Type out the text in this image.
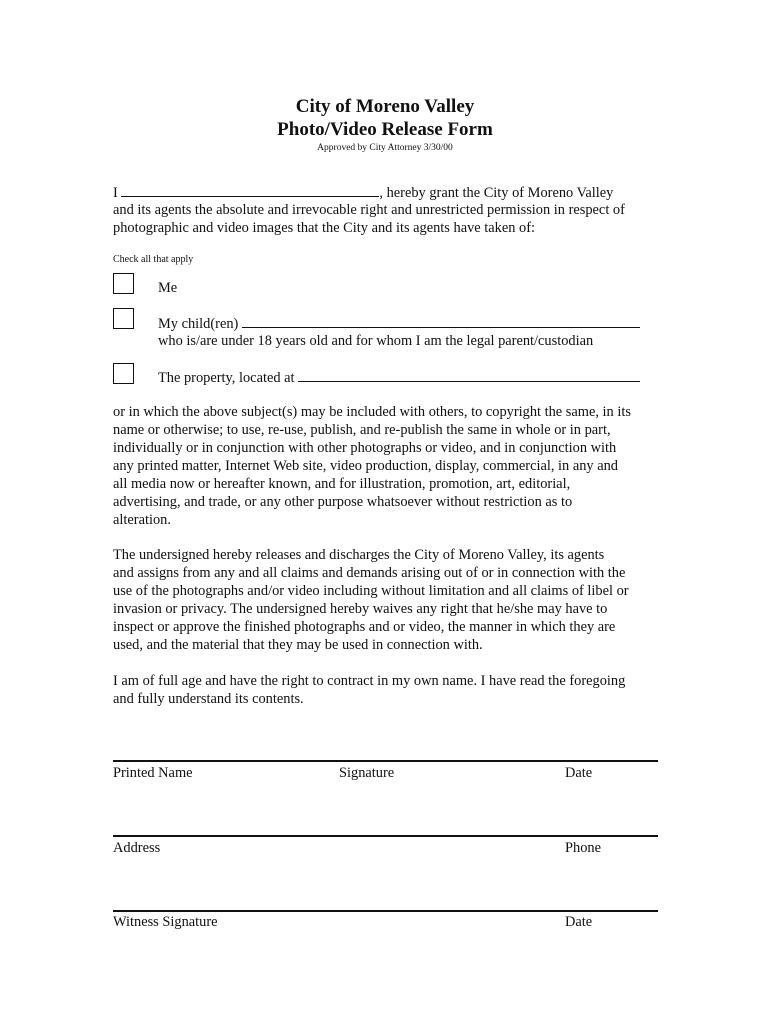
City of Moreno Valley
Photo/Video Release Form
Approved by City Attorney 3/30/00
I	, hereby grant the City of Moreno Valley
and its agents the absolute and irrevocable right and unrestricted permission in respect of
photographic and video images that the City and its agents have taken of:
Check all that apply
Me
My child(ren)
who is/are under 18 years old and for whom I am the legal parent/custodian
The property, located at
or in which the above subject(s) may be included with others, to copyright the same, in its
name or otherwise; to use, re-use, publish, and re-publish the same in whole or in part,
individually or in conjunction with other photographs or video, and in conjunction with
any printed matter, Internet Web site, video production, display, commercial, in any and
all media now or hereafter known, and for illustration, promotion, art, editorial,
advertising, and trade, or any other purpose whatsoever without restriction as to
alteration.
The undersigned hereby releases and discharges the City of Moreno Valley, its agents
and assigns from any and all claims and demands arising out of or in connection with the
use of the photographs and/or video including without limitation and all claims of libel or
invasion or privacy. The undersigned hereby waives any right that he/she may have to
inspect or approve the finished photographs and or video, the manner in which they are
used, and the material that they may be used in connection with.
I am of full age and have the right to contract in my own name. I have read the foregoing
and fully understand its contents.
Printed Name	Signature	Date
Address	Phone
Witness Signature	Date
